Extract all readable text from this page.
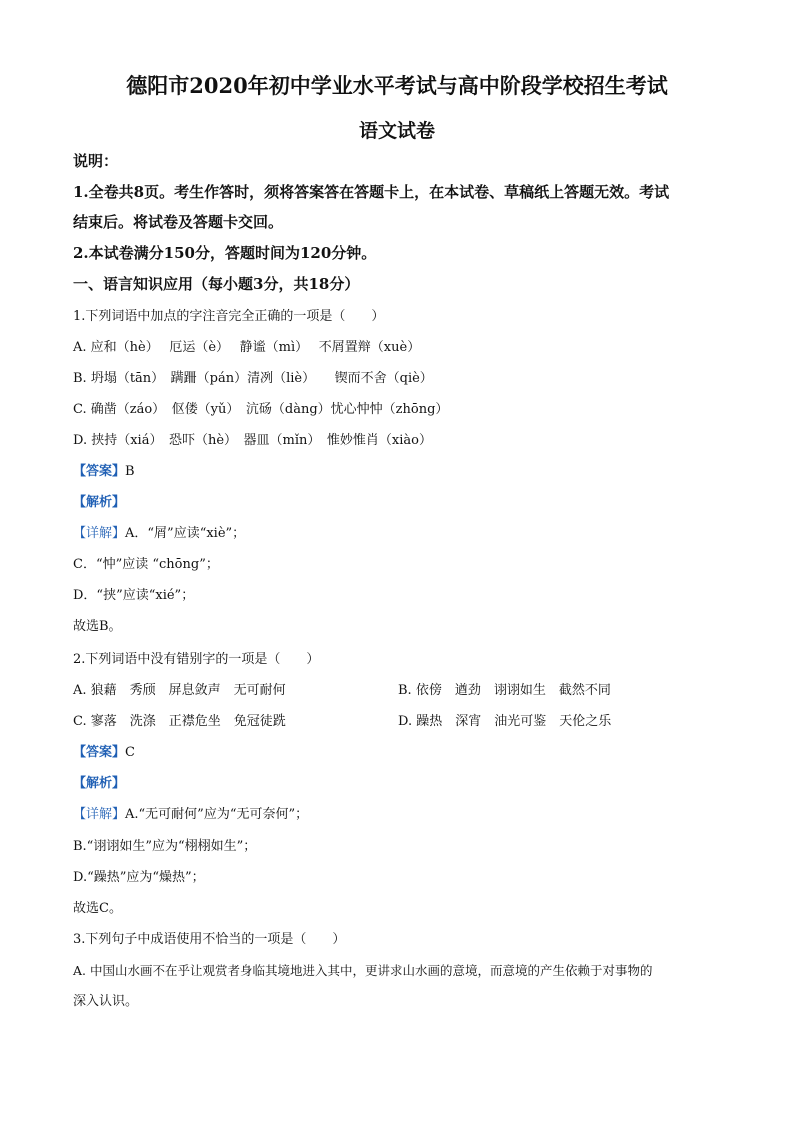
德阳市2020年初中学业水平考试与高中阶段学校招生考试
语文试卷
说明：
1.全卷共8页。考生作答时，须将答案答在答题卡上，在本试卷、草稿纸上答题无效。考试
结束后。将试卷及答题卡交回。
2.本试卷满分150分，答题时间为120分钟。
一、语言知识应用（每小题3分，共18分）
1.下列词语中加点的字注音完全正确的一项是（　　）
A. 应和（hè）　 厄运（è）　 静谧（mì）　 不屑置辩（xuè）
B. 坍塌（tān）　蹒跚（pán）清冽（liè）　　锲而不舍（qiè）
C. 确凿（záo）　伛偻（yǔ）　沆砀（dàng）忧心忡忡（zhōng）
D. 挟持（xiá）　恐吓（hè）　器皿（mǐn）　惟妙惟肖（xiào）
【答案】B
【解析】
【详解】A．“屑”应读“xiè”；
C．“忡”应读 “chōng”；
D．“挟”应读“xié”；
故选B。
2.下列词语中没有错别字的一项是（　　）
A. 狼藉　秀颀　屏息敛声　无可耐何	B. 依傍　遒劲　诩诩如生　截然不同
C. 寥落　洗涤　正襟危坐　免冠徒跣	D. 躁热　深宵　油光可鉴　天伦之乐
【答案】C
【解析】
【详解】A.“无可耐何”应为“无可奈何”；
B.“诩诩如生”应为“栩栩如生”；
D.“躁热”应为“燥热”；
故选C。
3.下列句子中成语使用不恰当的一项是（　　）
A. 中国山水画不在乎让观赏者身临其境地进入其中，更讲求山水画的意境，而意境的产生依赖于对事物的
深入认识。
